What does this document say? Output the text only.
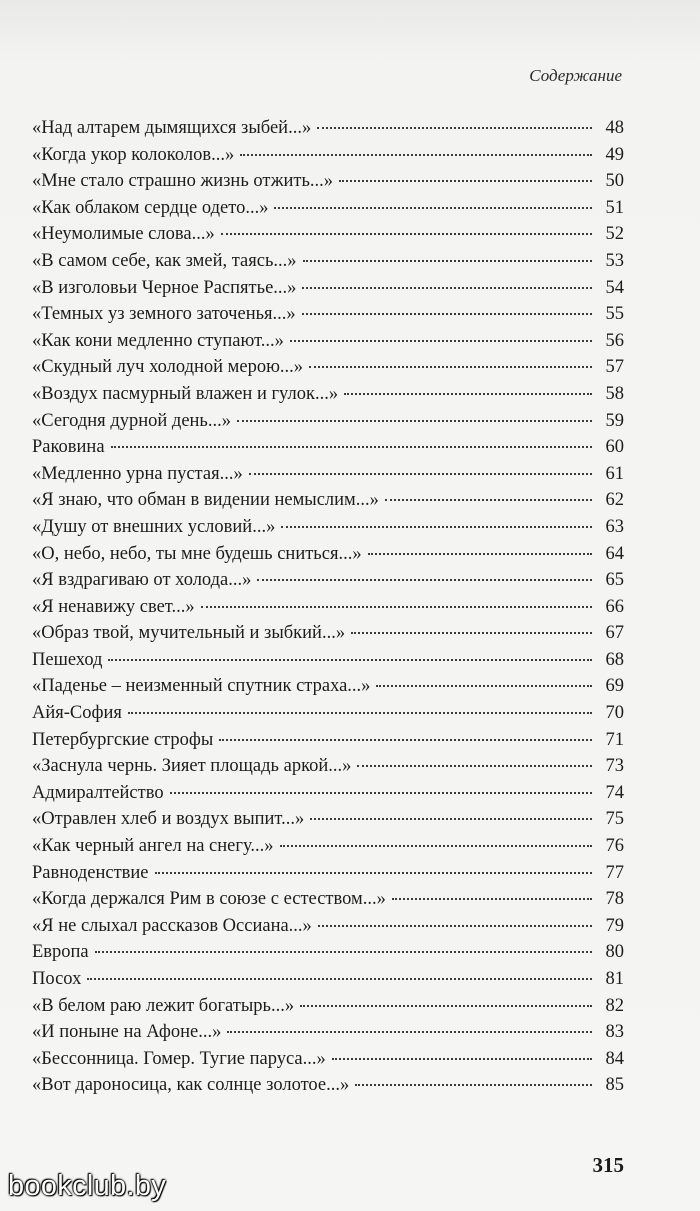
Содержание
«Над алтарем дымящихся зыбей...»	48
«Когда укор колоколов...»	49
«Мне стало страшно жизнь отжить...»	50
«Как облаком сердце одето...»	51
«Неумолимые слова...»	52
«В самом себе, как змей, таясь...»	53
«В изголовьи Черное Распятье...»	54
«Темных уз земного заточенья...»	55
«Как кони медленно ступают...»	56
«Скудный луч холодной мерою...»	57
«Воздух пасмурный влажен и гулок...»	58
«Сегодня дурной день...»	59
Раковина	60
«Медленно урна пустая...»	61
«Я знаю, что обман в видении немыслим...»	62
«Душу от внешних условий...»	63
«О, небо, небо, ты мне будешь сниться...»	64
«Я вздрагиваю от холода...»	65
«Я ненавижу свет...»	66
«Образ твой, мучительный и зыбкий...»	67
Пешеход	68
«Паденье – неизменный спутник страха...»	69
Айя-София	70
Петербургские строфы	71
«Заснула чернь. Зияет площадь аркой...»	73
Адмиралтейство	74
«Отравлен хлеб и воздух выпит...»	75
«Как черный ангел на снегу...»	76
Равноденствие	77
«Когда держался Рим в союзе с естеством...»	78
«Я не слыхал рассказов Оссиана...»	79
Европа	80
Посох	81
«В белом раю лежит богатырь...»	82
«И поныне на Афоне...»	83
«Бессонница. Гомер. Тугие паруса...»	84
«Вот дароносица, как солнце золотое...»	85
315
bookclub.by
